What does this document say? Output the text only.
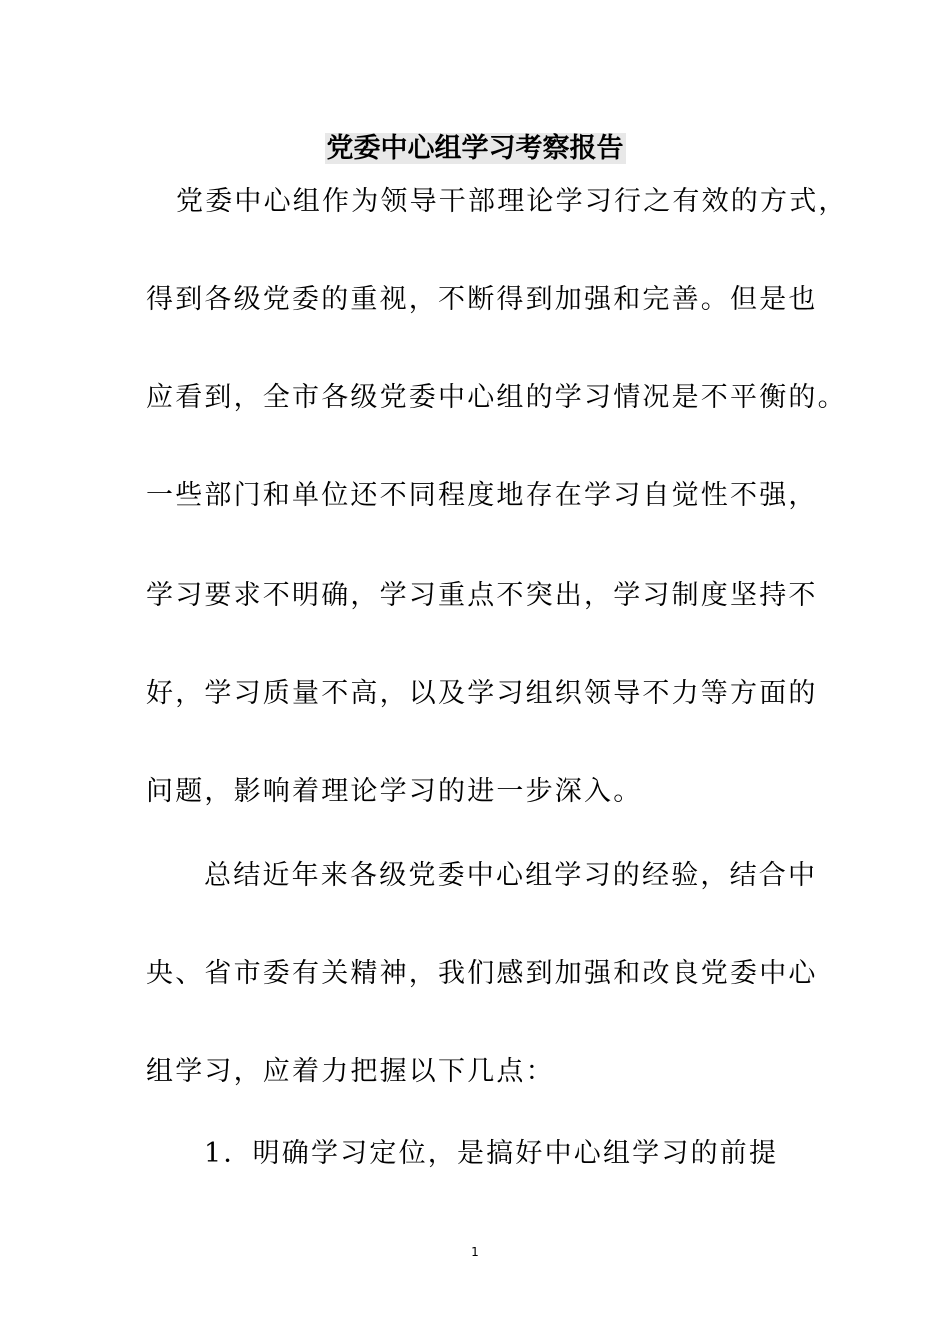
党委中心组学习考察报告
党委中心组作为领导干部理论学习行之有效的方式，
得到各级党委的重视，不断得到加强和完善。但是也
应看到，全市各级党委中心组的学习情况是不平衡的。
一些部门和单位还不同程度地存在学习自觉性不强，
学习要求不明确，学习重点不突出，学习制度坚持不
好，学习质量不高，以及学习组织领导不力等方面的
问题，影响着理论学习的进一步深入。
总结近年来各级党委中心组学习的经验，结合中
央、省市委有关精神，我们感到加强和改良党委中心
组学习，应着力把握以下几点：
1．明确学习定位，是搞好中心组学习的前提
1
